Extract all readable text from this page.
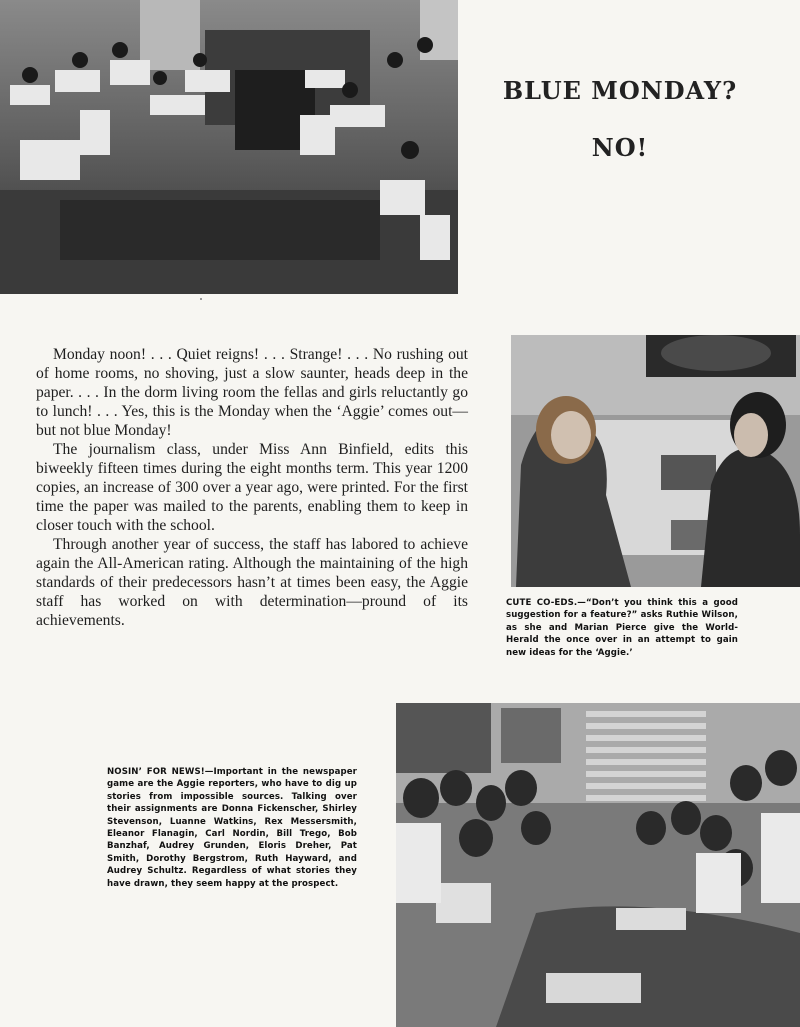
BLUE MONDAY?
NO!

Monday noon! . . . Quiet reigns! . . . Strange! . . . No rushing out of home rooms, no shoving, just a slow saunter, heads deep in the paper. . . . In the dorm living room the fellas and girls reluctantly go to lunch! . . . Yes, this is the Monday when the ‘Aggie’ comes out—but not blue Monday!

The journalism class, under Miss Ann Binfield, edits this biweekly fifteen times during the eight months term. This year 1200 copies, an increase of 300 over a year ago, were printed. For the first time the paper was mailed to the parents, enabling them to keep in closer touch with the school.

Through another year of success, the staff has labored to achieve again the All-American rating. Although the maintaining of the high standards of their predecessors hasn’t at times been easy, the Aggie staff has worked on with determination—pround of its achievements.

CUTE CO-EDS.—“Don’t you think this a good suggestion for a feature?” asks Ruthie Wilson, as she and Marian Pierce give the World-Herald the once over in an attempt to gain new ideas for the ‘Aggie.’

NOSIN’ FOR NEWS!—Important in the newspaper game are the Aggie reporters, who have to dig up stories from impossible sources. Talking over their assignments are Donna Fickenscher, Shirley Stevenson, Luanne Watkins, Rex Messersmith, Eleanor Flanagin, Carl Nordin, Bill Trego, Bob Banzhaf, Audrey Grunden, Eloris Dreher, Pat Smith, Dorothy Bergstrom, Ruth Hayward, and Audrey Schultz. Regardless of what stories they have drawn, they seem happy at the prospect.
